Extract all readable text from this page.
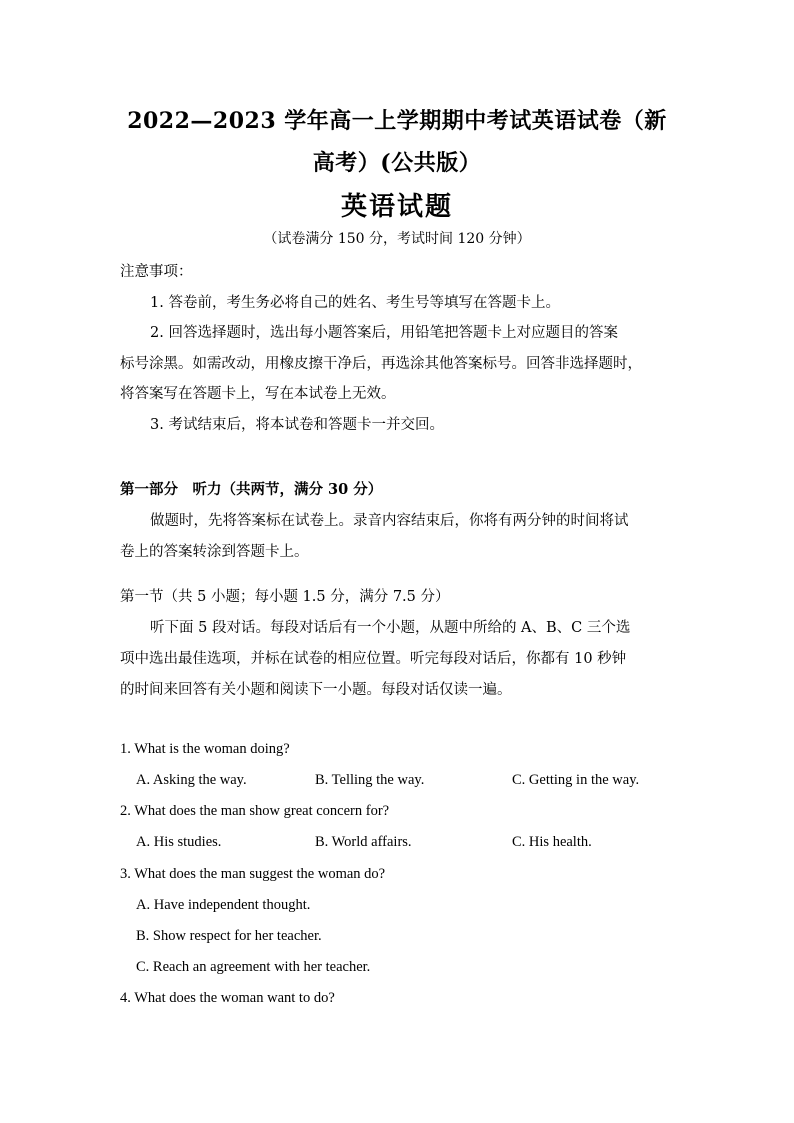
2022—2023 学年高一上学期期中考试英语试卷（新
高考）(公共版）
英语试题
（试卷满分 150 分，考试时间 120 分钟）
注意事项：
1. 答卷前，考生务必将自己的姓名、考生号等填写在答题卡上。
2. 回答选择题时，选出每小题答案后，用铅笔把答题卡上对应题目的答案
标号涂黑。如需改动，用橡皮擦干净后，再选涂其他答案标号。回答非选择题时，
将答案写在答题卡上，写在本试卷上无效。
3. 考试结束后，将本试卷和答题卡一并交回。
第一部分　听力（共两节，满分 30 分）
做题时，先将答案标在试卷上。录音内容结束后，你将有两分钟的时间将试
卷上的答案转涂到答题卡上。
第一节（共 5 小题；每小题 1.5 分，满分 7.5 分）
听下面 5 段对话。每段对话后有一个小题，从题中所给的 A、B、C 三个选
项中选出最佳选项，并标在试卷的相应位置。听完每段对话后，你都有 10 秒钟
的时间来回答有关小题和阅读下一小题。每段对话仅读一遍。
1. What is the woman doing?
A. Asking the way.	B. Telling the way.	C. Getting in the way.
2. What does the man show great concern for?
A. His studies.	B. World affairs.	C. His health.
3. What does the man suggest the woman do?
A. Have independent thought.
B. Show respect for her teacher.
C. Reach an agreement with her teacher.
4. What does the woman want to do?
